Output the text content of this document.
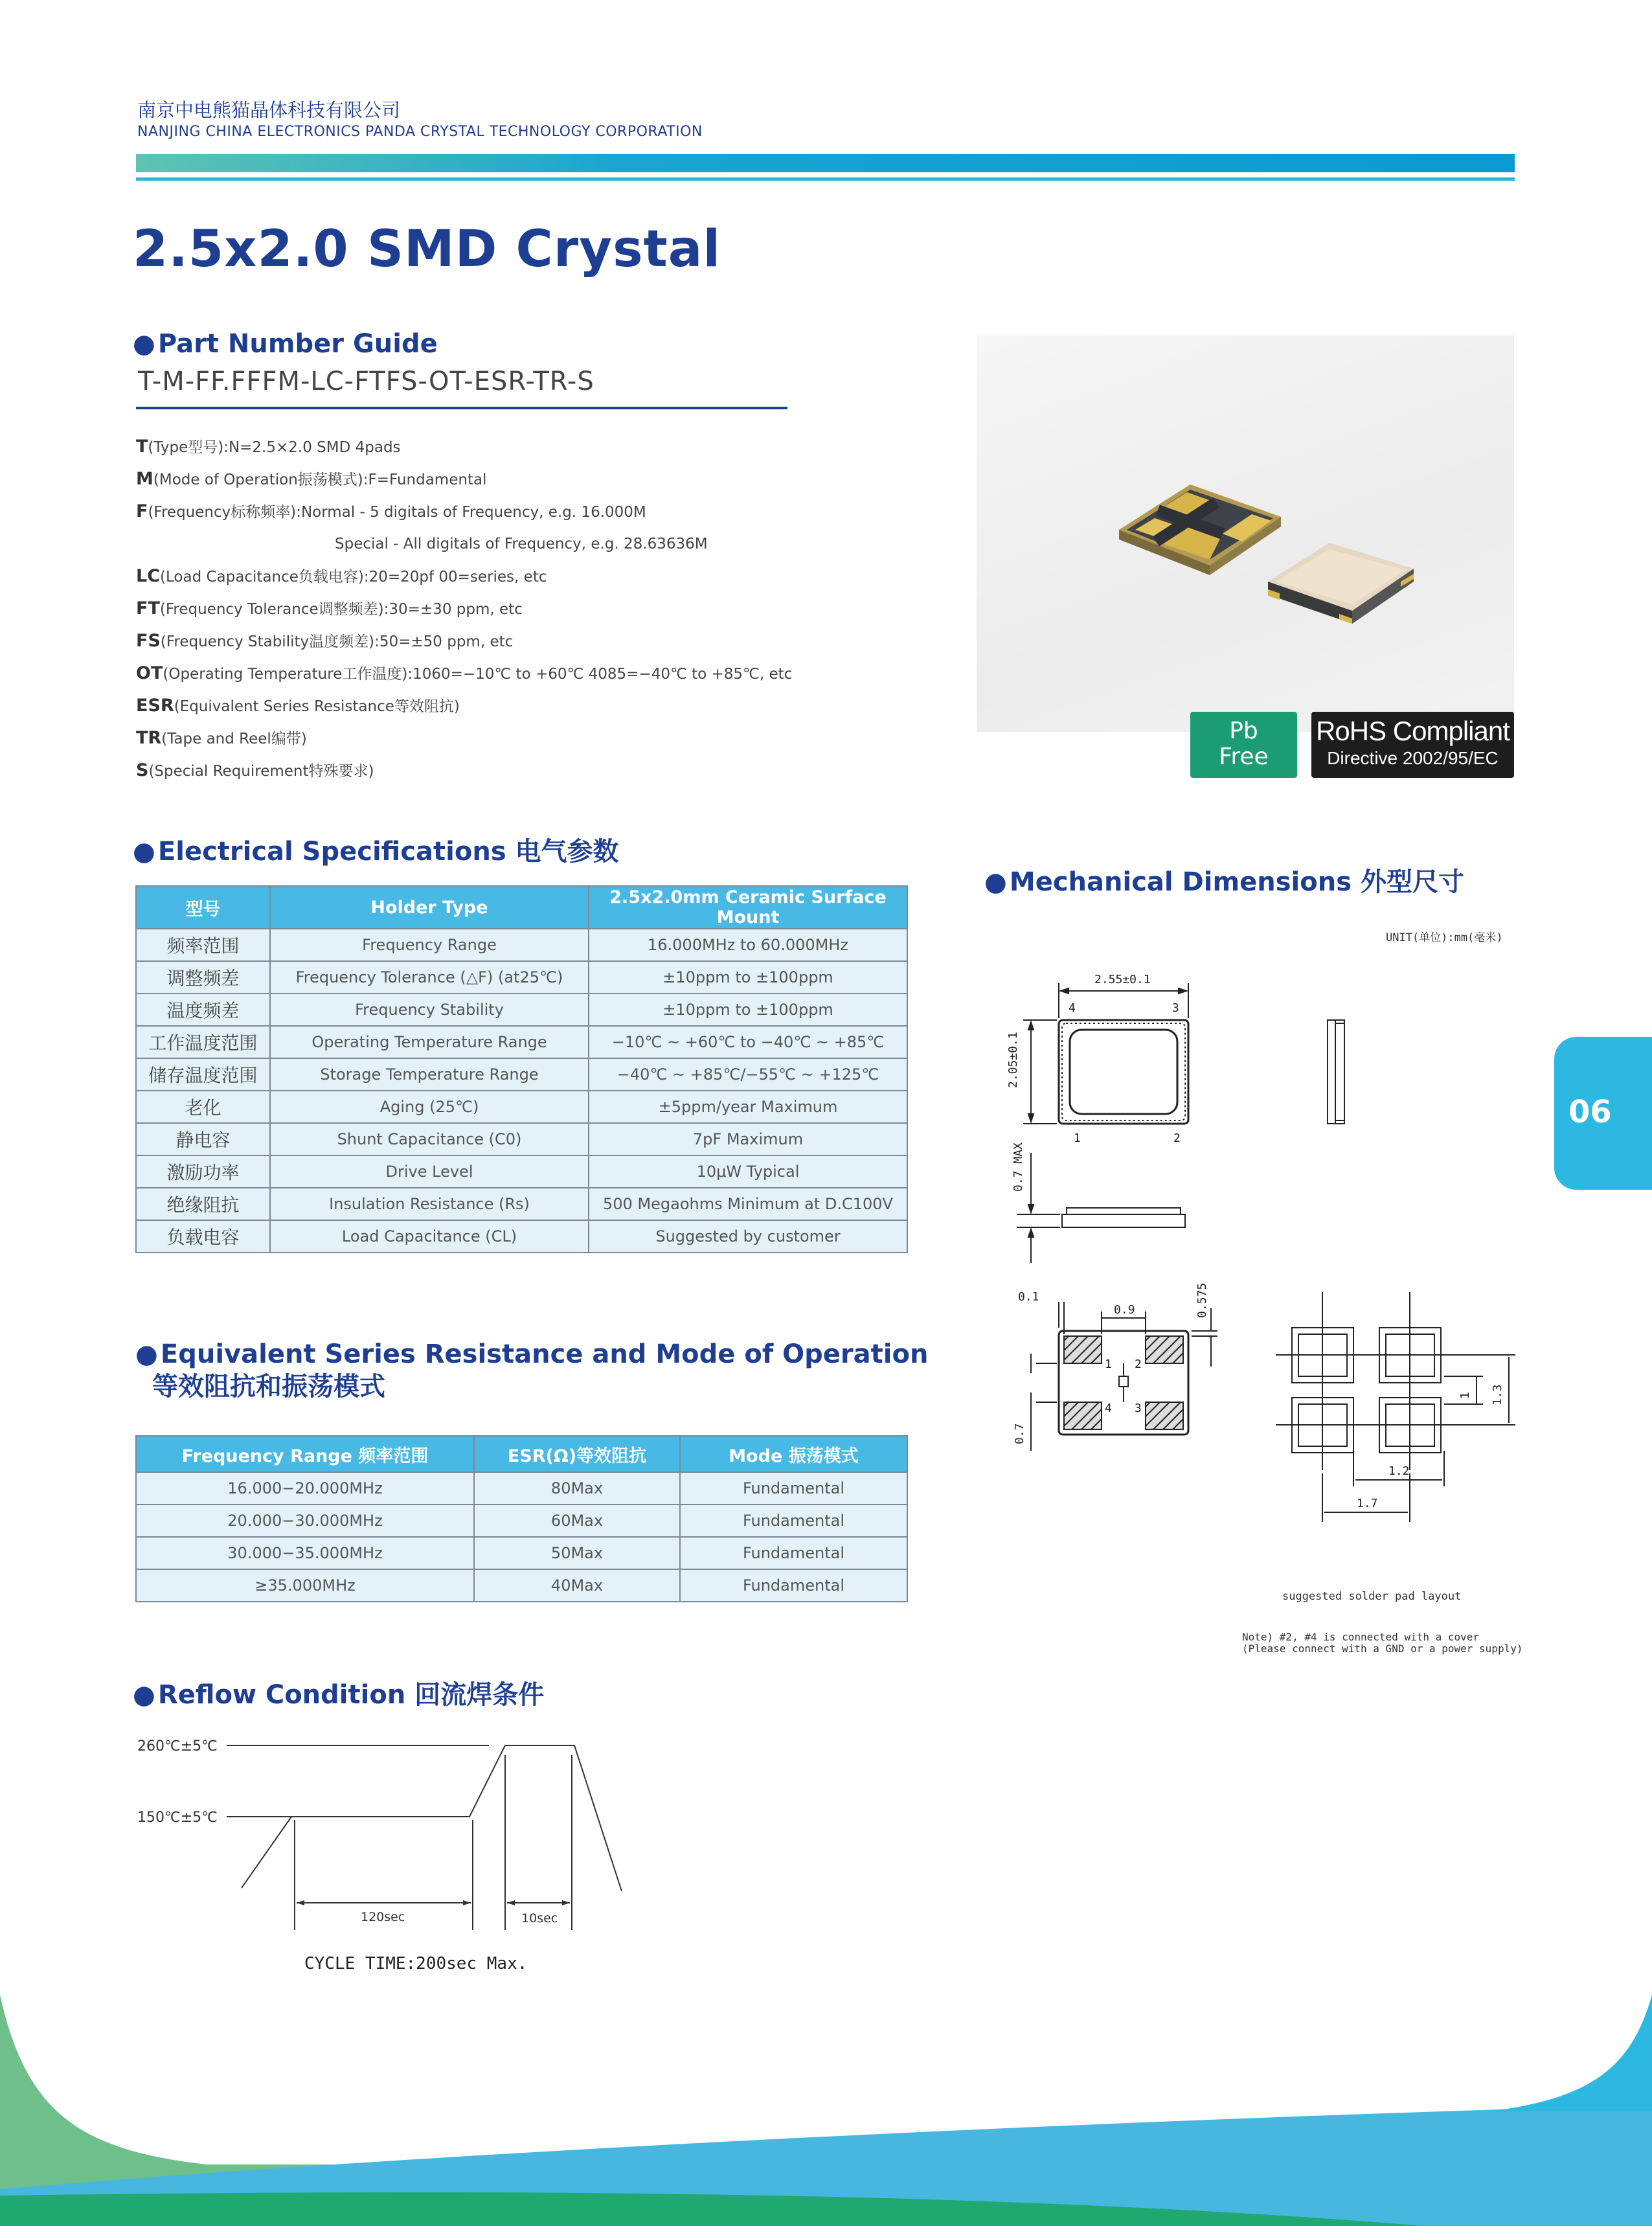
南京中电熊猫晶体科技有限公司
NANJING CHINA ELECTRONICS PANDA CRYSTAL TECHNOLOGY CORPORATION
2.5x2.0 SMD Crystal
● Part Number Guide
T-M-FF.FFFM-LC-FTFS-OT-ESR-TR-S
T(Type型号):N=2.5×2.0 SMD 4pads
M(Mode of Operation振荡模式):F=Fundamental
F(Frequency标称频率):Normal - 5 digitals of Frequency, e.g. 16.000M
Special - All digitals of Frequency, e.g. 28.63636M
LC(Load Capacitance负载电容):20=20pf 00=series, etc
FT(Frequency Tolerance调整频差):30=±30 ppm, etc
FS(Frequency Stability温度频差):50=±50 ppm, etc
OT(Operating Temperature工作温度):1060=−10℃ to +60℃ 4085=−40℃ to +85℃, etc
ESR(Equivalent Series Resistance等效阻抗)
TR(Tape and Reel编带)
S(Special Requirement特殊要求)
Pb
Free
RoHS Compliant
Directive 2002/95/EC
● Electrical Specifications 电气参数
型号	Holder Type	2.5x2.0mm Ceramic Surface Mount
频率范围	Frequency Range	16.000MHz to 60.000MHz
调整频差	Frequency Tolerance (△F) (at25℃)	±10ppm to ±100ppm
温度频差	Frequency Stability	±10ppm to ±100ppm
工作温度范围	Operating Temperature Range	−10℃ ~ +60℃ to −40℃ ~ +85℃
储存温度范围	Storage Temperature Range	−40℃ ~ +85℃/−55℃ ~ +125℃
老化	Aging (25℃)	±5ppm/year Maximum
静电容	Shunt Capacitance (C0)	7pF Maximum
激励功率	Drive Level	10μW Typical
绝缘阻抗	Insulation Resistance (Rs)	500 Megaohms Minimum at D.C100V
负载电容	Load Capacitance (CL)	Suggested by customer
● Equivalent Series Resistance and Mode of Operation
等效阻抗和振荡模式
Frequency Range 频率范围	ESR(Ω)等效阻抗	Mode 振荡模式
16.000−20.000MHz	80Max	Fundamental
20.000−30.000MHz	60Max	Fundamental
30.000−35.000MHz	50Max	Fundamental
≥35.000MHz	40Max	Fundamental
● Mechanical Dimensions 外型尺寸
UNIT(单位):mm(毫米)
2.55±0.1
2.05±0.1
4	3
1	2
0.7 MAX
0.1
0.9	0.575
0.7
1 2
4 3
1.3
1
1.2
1.7
suggested solder pad layout
Note) #2, #4 is connected with a cover
(Please connect with a GND or a power supply)
06
● Reflow Condition 回流焊条件
260℃±5℃
150℃±5℃
120sec	10sec
CYCLE TIME:200sec Max.
